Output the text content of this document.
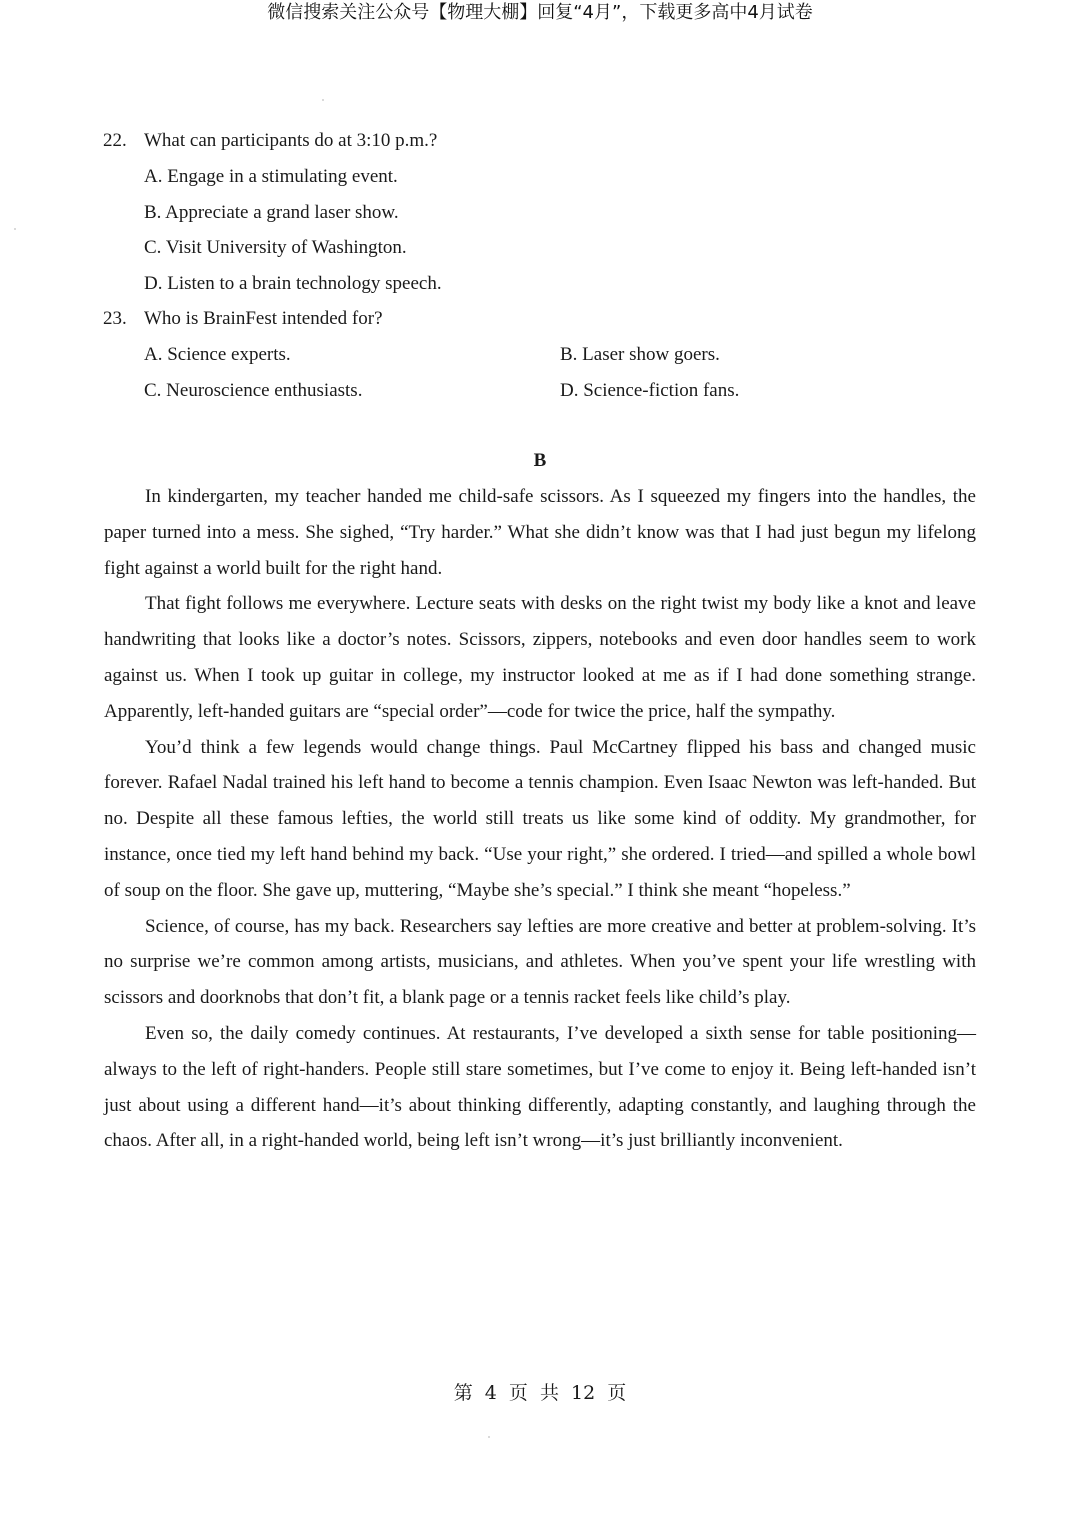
微信搜索关注公众号【物理大棚】回复“4月”，下载更多高中4月试卷
22. What can participants do at 3:10 p.m.?
A. Engage in a stimulating event.
B. Appreciate a grand laser show.
C. Visit University of Washington.
D. Listen to a brain technology speech.
23. Who is BrainFest intended for?
A. Science experts.	B. Laser show goers.
C. Neuroscience enthusiasts.	D. Science-fiction fans.
B

In kindergarten, my teacher handed me child-safe scissors. As I squeezed my fingers into the handles, the paper turned into a mess. She sighed, “Try harder.” What she didn’t know was that I had just begun my lifelong fight against a world built for the right hand.

That fight follows me everywhere. Lecture seats with desks on the right twist my body like a knot and leave handwriting that looks like a doctor’s notes. Scissors, zippers, notebooks and even door handles seem to work against us. When I took up guitar in college, my instructor looked at me as if I had done something strange. Apparently, left-handed guitars are “special order”—code for twice the price, half the sympathy.

You’d think a few legends would change things. Paul McCartney flipped his bass and changed music forever. Rafael Nadal trained his left hand to become a tennis champion. Even Isaac Newton was left-handed. But no. Despite all these famous lefties, the world still treats us like some kind of oddity. My grandmother, for instance, once tied my left hand behind my back. “Use your right,” she ordered. I tried—and spilled a whole bowl of soup on the floor. She gave up, muttering, “Maybe she’s special.” I think she meant “hopeless.”

Science, of course, has my back. Researchers say lefties are more creative and better at problem-solving. It’s no surprise we’re common among artists, musicians, and athletes. When you’ve spent your life wrestling with scissors and doorknobs that don’t fit, a blank page or a tennis racket feels like child’s play.

Even so, the daily comedy continues. At restaurants, I’ve developed a sixth sense for table positioning—always to the left of right-handers. People still stare sometimes, but I’ve come to enjoy it. Being left-handed isn’t just about using a different hand—it’s about thinking differently, adapting constantly, and laughing through the chaos. After all, in a right-handed world, being left isn’t wrong—it’s just brilliantly inconvenient.

第 4 页 共 12 页
